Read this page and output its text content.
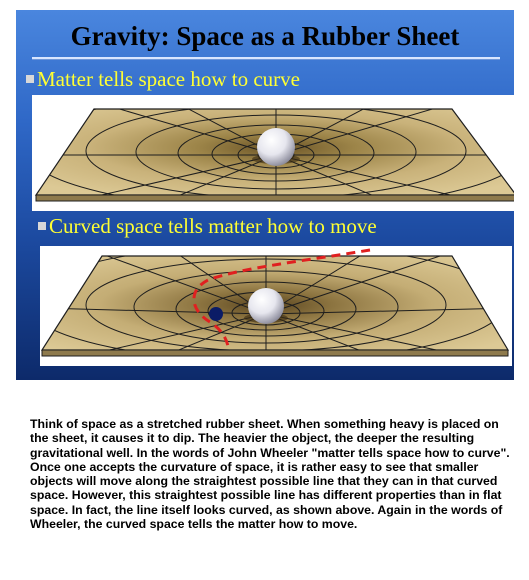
Gravity: Space as a Rubber Sheet
Matter tells space how to curve
Curved space tells matter how to move

Think of space as a stretched rubber sheet. When something heavy is placed on the sheet, it causes it to dip. The heavier the object, the deeper the resulting gravitational well. In the words of John Wheeler "matter tells space how to curve". Once one accepts the curvature of space, it is rather easy to see that smaller objects will move along the straightest possible line that they can in that curved space. However, this straightest possible line has different properties than in flat space. In fact, the line itself looks curved, as shown above. Again in the words of Wheeler, the curved space tells the matter how to move.
